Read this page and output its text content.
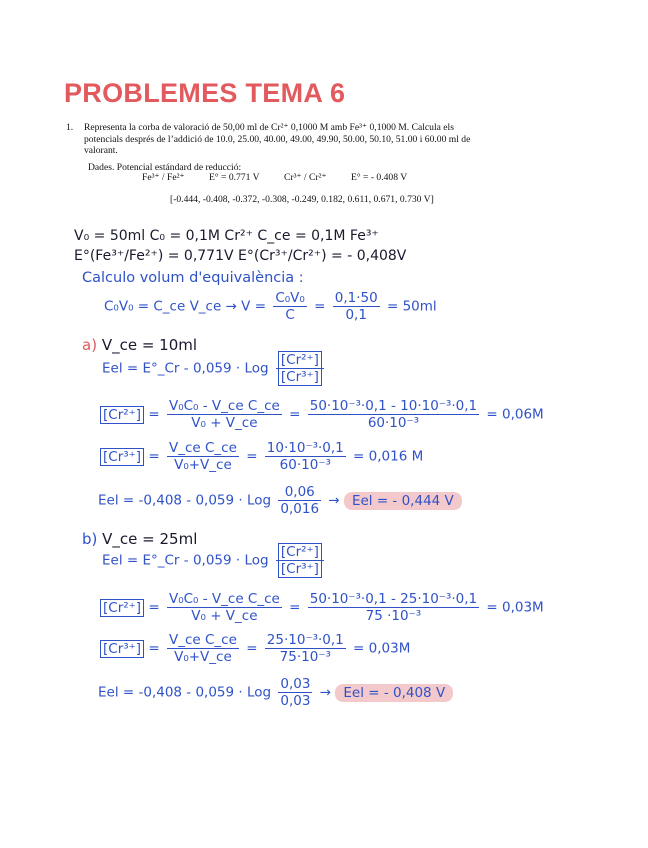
PROBLEMES TEMA 6
1. Representa la corba de valoració de 50,00 ml de Cr²⁺ 0,1000 M amb Fe³⁺ 0,1000 M. Calcula els potencials després de l’addició de 10.0, 25.00, 40.00, 49.00, 49.90, 50.00, 50.10, 51.00 i 60.00 ml de valorant.
Dades. Potencial estándard de reducció:
Fe³⁺ / Fe²⁺	E° = 0.771 V	Cr³⁺ / Cr²⁺	E° = - 0.408 V
[-0.444, -0.408, -0.372, -0.308, -0.249, 0.182, 0.611, 0.671, 0.730 V]
V₀ = 50ml C₀ = 0,1M Cr²⁺ C_ce = 0,1M Fe³⁺
E°(Fe³⁺/Fe²⁺) = 0,771V E°(Cr³⁺/Cr²⁺) = - 0,408V
Calculo volum d'equivalència :
C₀V₀ = C_ce V_ce → $V = \frac{\text{C₀V₀}}{C} = \frac{0,1\cdot 50}{0,1} = 50ml$
a) V_ce = 10ml
Eel = E°_Cr - 0,059 · Log $\frac{\text{[Cr²⁺]}}{\text{[Cr³⁺]}}$
$[Cr^{2+}] = \frac{\text{V₀C₀ - V\_ce C\_ce}}{\text{V₀ + V\_ce}} = \frac{\text{50·10⁻³·0,1 - 10·10⁻³·0,1}}{\text{60·10⁻³}} = 0,06M$
$[Cr^{3+}] = \frac{\text{V\_ce C\_ce}}{\text{V₀+V\_ce}} = \frac{\text{10·10⁻³·0,1}}{\text{60·10⁻³}} = 0,016$ M
Eel = -0,408 - 0,059 · Log $\frac{0,06}{0,016}$ → Eel = - 0,444 V
b) V_ce = 25ml
Eel = E°_Cr - 0,059 · Log $\frac{\text{[Cr²⁺]}}{\text{[Cr³⁺]}}$
$[Cr^{2+}] = \frac{\text{V₀C₀ - V\_ce C\_ce}}{\text{V₀ + V\_ce}} = \frac{\text{50·10⁻³·0,1 - 25·10⁻³·0,1}}{\text{75 ·10⁻³}} = 0,03M$
$[Cr^{3+}] = \frac{\text{V\_ce C\_ce}}{\text{V₀+V\_ce}} = \frac{\text{25·10⁻³·0,1}}{\text{75·10⁻³}} = 0,03M$
Eel = -0,408 - 0,059 · Log $\frac{0,03}{0,03}$ → Eel = - 0,408 V
